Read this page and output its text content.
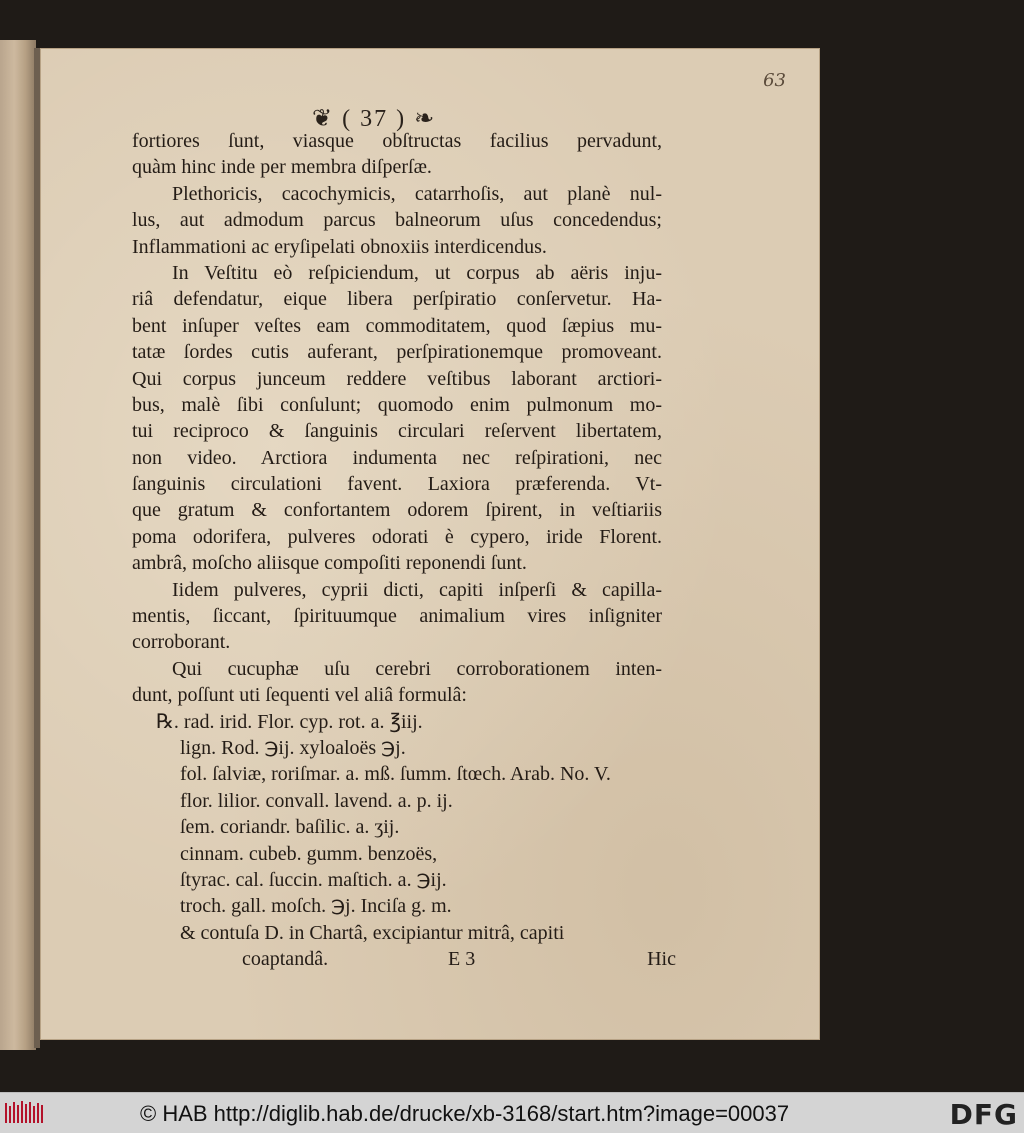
63
❦ ( 37 ) ❧
fortiores ſunt, viasque obſtructas facilius pervadunt,
quàm hinc inde per membra diſperſæ.
Plethoricis, cacochymicis, catarrhoſis, aut planè nul-
lus, aut admodum parcus balneorum uſus concedendus;
Inflammationi ac eryſipelati obnoxiis interdicendus.
In Veſtitu eò reſpiciendum, ut corpus ab aëris inju-
riâ defendatur, eique libera perſpiratio conſervetur. Ha-
bent inſuper veſtes eam commoditatem, quod ſæpius mu-
tatæ ſordes cutis auferant, perſpirationemque promoveant.
Qui corpus junceum reddere veſtibus laborant arctiori-
bus, malè ſibi conſulunt; quomodo enim pulmonum mo-
tui reciproco & ſanguinis circulari reſervent libertatem,
non video. Arctiora indumenta nec reſpirationi, nec
ſanguinis circulationi favent. Laxiora præferenda. Vt-
que gratum & confortantem odorem ſpirent, in veſtiariis
poma odorifera, pulveres odorati è cypero, iride Florent.
ambrâ, moſcho aliisque compoſiti reponendi ſunt.
Iidem pulveres, cyprii dicti, capiti inſperſi & capilla-
mentis, ſiccant, ſpirituumque animalium vires inſigniter
corroborant.
Qui cucuphæ uſu cerebri corroborationem inten-
dunt, poſſunt uti ſequenti vel aliâ formulâ:
℞. rad. irid. Flor. cyp. rot. a. ℥iij.
lign. Rod. ℈ij. xyloaloës ℈j.
fol. ſalviæ, roriſmar. a. mß. ſumm. ſtœch. Arab. No. V.
flor. lilior. convall. lavend. a. p. ij.
ſem. coriandr. baſilic. a. ʒij.
cinnam. cubeb. gumm. benzoës,
ſtyrac. cal. ſuccin. maſtich. a. ℈ij.
troch. gall. moſch. ℈j. Inciſa g. m.
& contuſa D. in Chartâ, excipiantur mitrâ, capiti
coaptandâ.	E 3	Hic
© HAB http://diglib.hab.de/drucke/xb-3168/start.htm?image=00037	DFG
